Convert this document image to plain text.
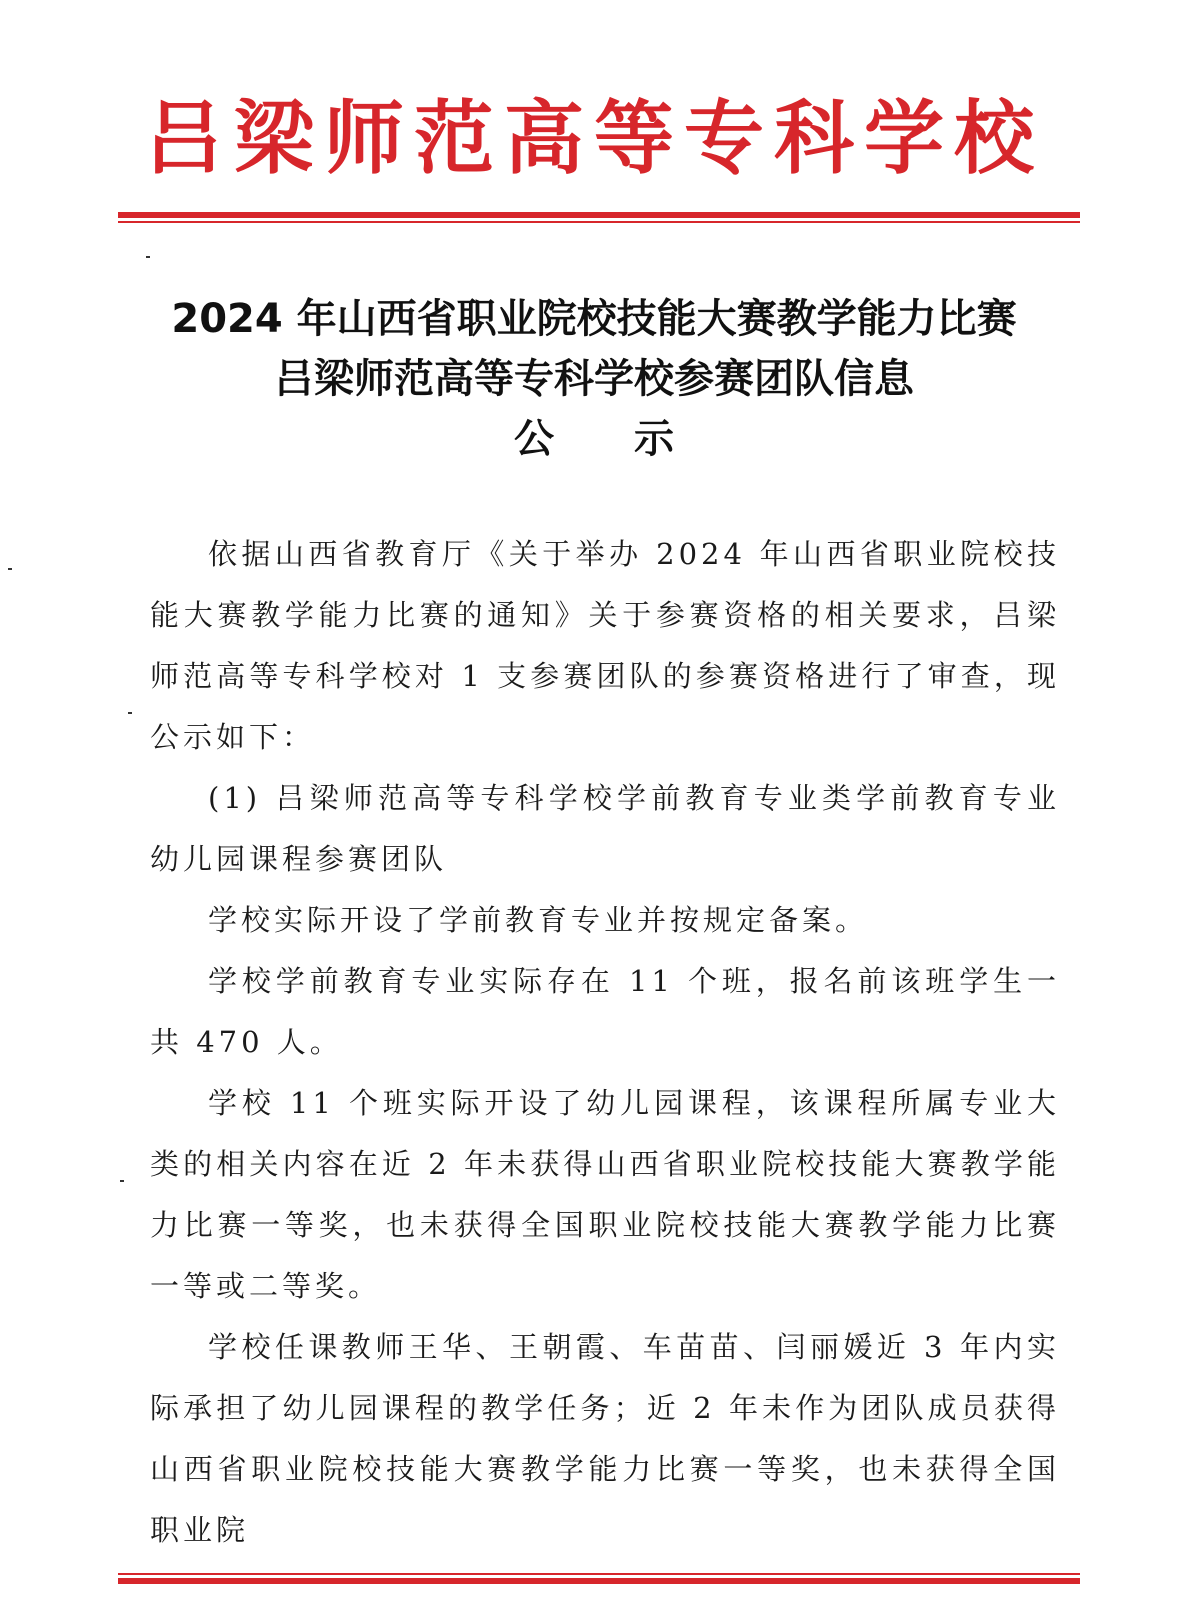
吕梁师范高等专科学校
2024 年山西省职业院校技能大赛教学能力比赛
吕梁师范高等专科学校参赛团队信息
公示

依据山西省教育厅《关于举办 2024 年山西省职业院校技能大赛教学能力比赛的通知》关于参赛资格的相关要求，吕梁师范高等专科学校对 1 支参赛团队的参赛资格进行了审查，现公示如下：

(1) 吕梁师范高等专科学校学前教育专业类学前教育专业幼儿园课程参赛团队

学校实际开设了学前教育专业并按规定备案。

学校学前教育专业实际存在 11 个班，报名前该班学生一共 470 人。

学校 11 个班实际开设了幼儿园课程，该课程所属专业大类的相关内容在近 2 年未获得山西省职业院校技能大赛教学能力比赛一等奖，也未获得全国职业院校技能大赛教学能力比赛一等或二等奖。

学校任课教师王华、王朝霞、车苗苗、闫丽媛近 3 年内实际承担了幼儿园课程的教学任务；近 2 年未作为团队成员获得山西省职业院校技能大赛教学能力比赛一等奖，也未获得全国职业院
